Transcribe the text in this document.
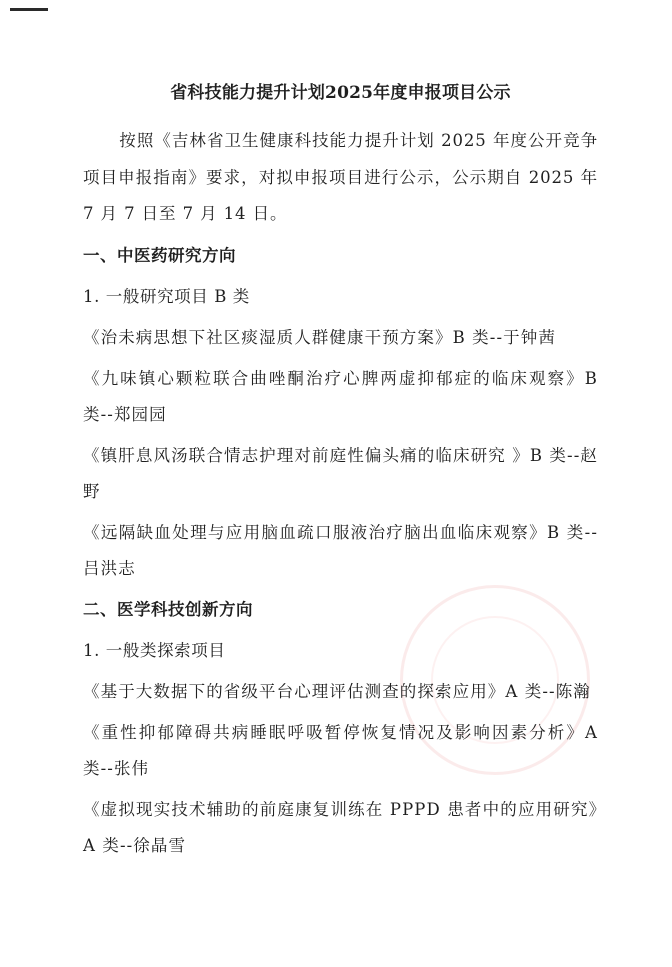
省科技能力提升计划2025年度申报项目公示

按照《吉林省卫生健康科技能力提升计划 2025 年度公开竞争项目申报指南》要求，对拟申报项目进行公示，公示期自 2025 年 7 月 7 日至 7 月 14 日。

一、中医药研究方向
1. 一般研究项目 B 类

《治未病思想下社区痰湿质人群健康干预方案》B 类--于钟茜

《九味镇心颗粒联合曲唑酮治疗心脾两虚抑郁症的临床观察》B 类--郑园园

《镇肝息风汤联合情志护理对前庭性偏头痛的临床研究 》B 类--赵野

《远隔缺血处理与应用脑血疏口服液治疗脑出血临床观察》B 类--吕洪志

二、医学科技创新方向
1. 一般类探索项目

《基于大数据下的省级平台心理评估测查的探索应用》A 类--陈瀚

《重性抑郁障碍共病睡眠呼吸暂停恢复情况及影响因素分析》A 类--张伟

《虚拟现实技术辅助的前庭康复训练在 PPPD 患者中的应用研究》A 类--徐晶雪
